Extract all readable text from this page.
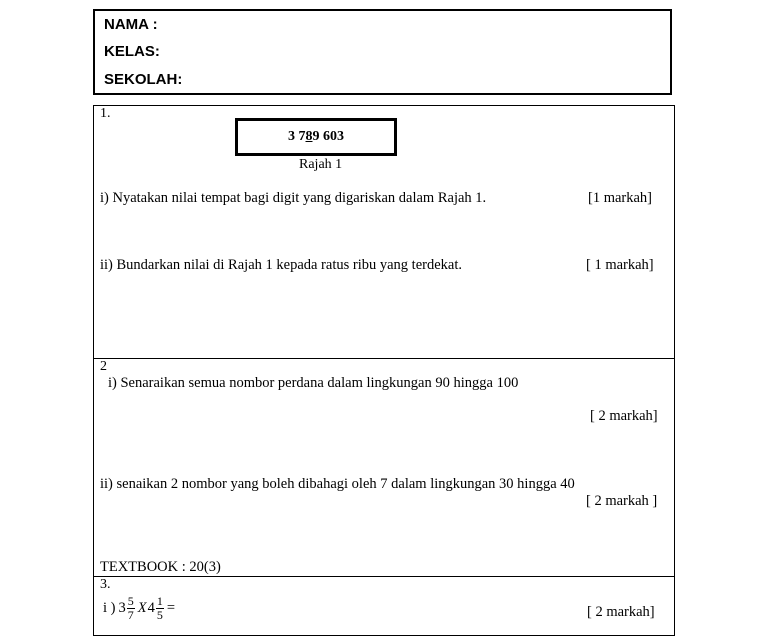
NAMA :
KELAS:
SEKOLAH:
1.
3 789 603
Rajah 1
i) Nyatakan nilai tempat bagi digit yang digariskan dalam Rajah 1.	[1 markah]
ii) Bundarkan nilai di Rajah 1 kepada ratus ribu yang terdekat.	[ 1 markah]
2
i) Senaraikan semua nombor perdana dalam lingkungan 90 hingga 100
[ 2 markah]
ii) senaikan 2 nombor yang boleh dibahagi oleh 7 dalam lingkungan 30 hingga 40
[ 2 markah ]
TEXTBOOK : 20(3)
3.
i ) $3 \frac{5}{7}$ X $4 \frac{1}{5}$ =	[ 2 markah]
